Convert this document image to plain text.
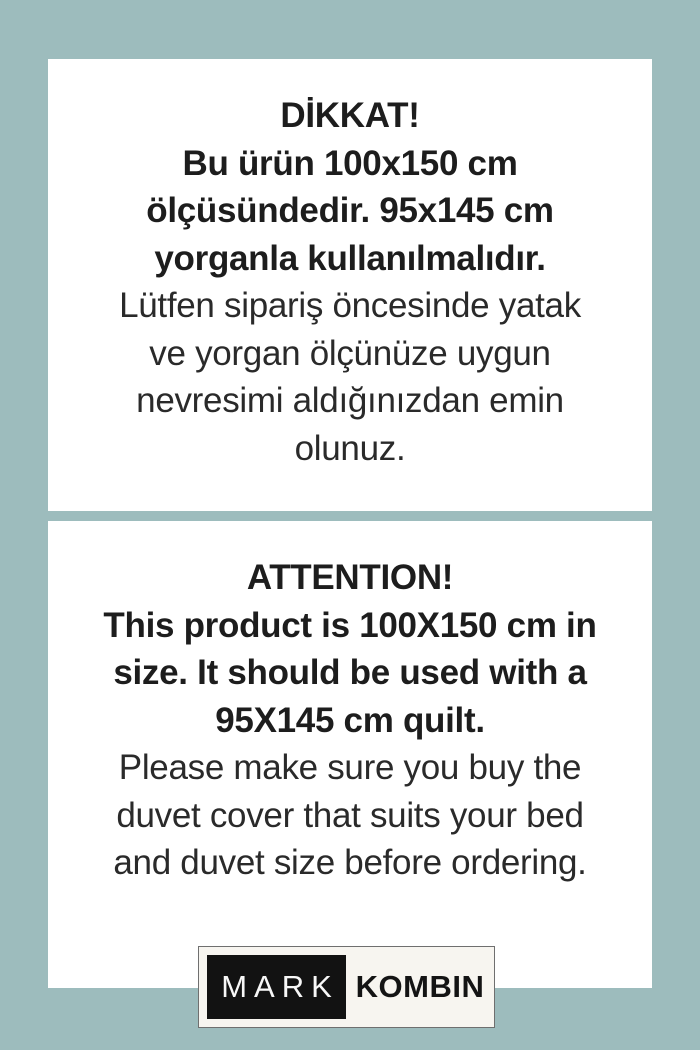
DİKKAT!
Bu ürün 100x150 cm
ölçüsündedir. 95x145 cm
yorganla kullanılmalıdır.
Lütfen sipariş öncesinde yatak
ve yorgan ölçünüze uygun
nevresimi aldığınızdan emin
olunuz.
ATTENTION!
This product is 100X150 cm in
size. It should be used with a
95X145 cm quilt.
Please make sure you buy the
duvet cover that suits your bed
and duvet size before ordering.
MARK KOMBIN
